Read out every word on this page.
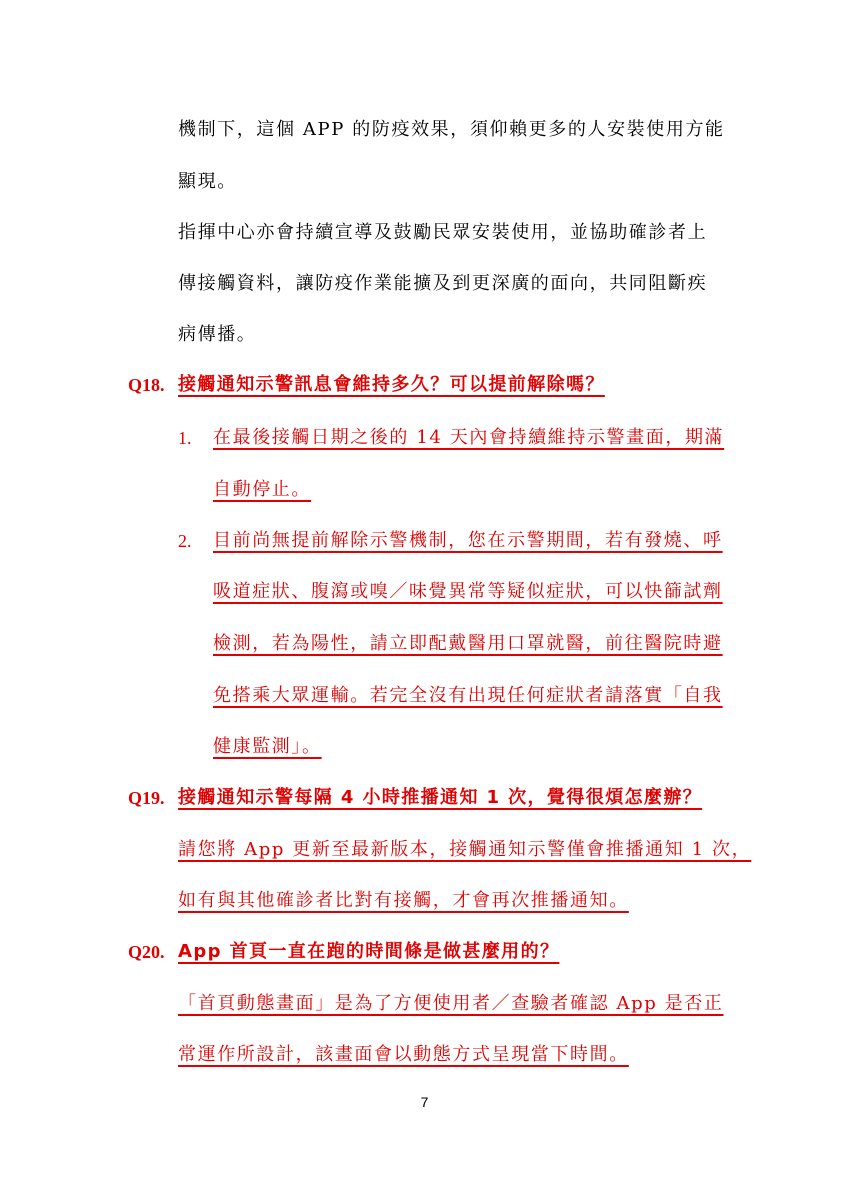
機制下，這個 APP 的防疫效果，須仰賴更多的人安裝使用方能
顯現。
指揮中心亦會持續宣導及鼓勵民眾安裝使用，並協助確診者上
傳接觸資料，讓防疫作業能擴及到更深廣的面向，共同阻斷疾
病傳播。
Q18. 接觸通知示警訊息會維持多久？可以提前解除嗎？
1. 在最後接觸日期之後的 14 天內會持續維持示警畫面，期滿
自動停止。
2. 目前尚無提前解除示警機制，您在示警期間，若有發燒、呼
吸道症狀、腹瀉或嗅／味覺異常等疑似症狀，可以快篩試劑
檢測，若為陽性，請立即配戴醫用口罩就醫，前往醫院時避
免搭乘大眾運輸。若完全沒有出現任何症狀者請落實「自我
健康監測」。
Q19. 接觸通知示警每隔 4 小時推播通知 1 次，覺得很煩怎麼辦？
請您將 App 更新至最新版本，接觸通知示警僅會推播通知 1 次，
如有與其他確診者比對有接觸，才會再次推播通知。
Q20. App 首頁一直在跑的時間條是做甚麼用的？
「首頁動態畫面」是為了方便使用者／查驗者確認 App 是否正
常運作所設計，該畫面會以動態方式呈現當下時間。
7
